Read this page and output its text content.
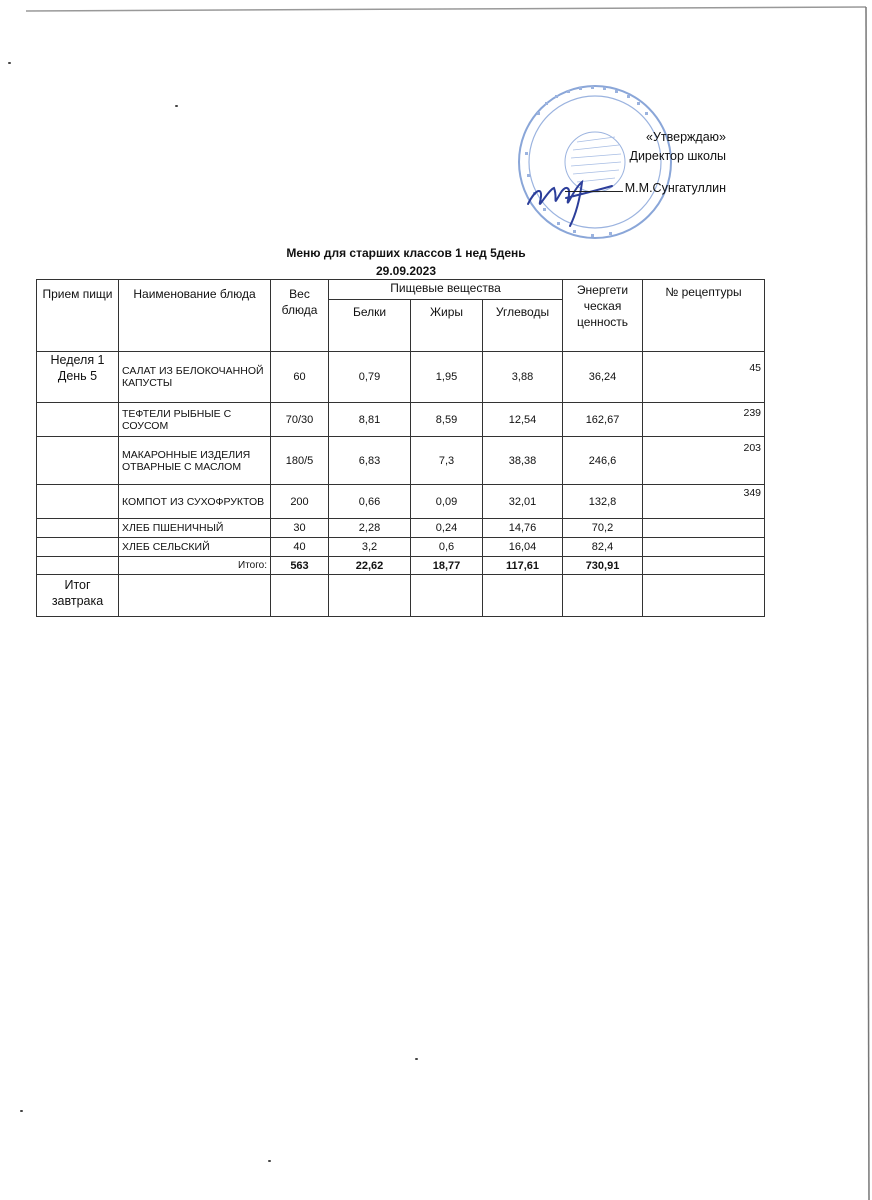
«Утверждаю»
Директор школы
М.М.Сунгатуллин
Меню для старших классов 1 нед 5день
29.09.2023
Прием пищи	Наименование блюда	Вес блюда	Пищевые вещества			Энергети ческая ценность	№ рецептуры
			Белки	Жиры	Углеводы		
Неделя 1 День 5	САЛАТ ИЗ БЕЛОКОЧАННОЙ КАПУСТЫ	60	0,79	1,95	3,88	36,24	45
	ТЕФТЕЛИ РЫБНЫЕ С СОУСОМ	70/30	8,81	8,59	12,54	162,67	239
	МАКАРОННЫЕ ИЗДЕЛИЯ ОТВАРНЫЕ С МАСЛОМ	180/5	6,83	7,3	38,38	246,6	203
	КОМПОТ ИЗ СУХОФРУКТОВ	200	0,66	0,09	32,01	132,8	349
	ХЛЕБ ПШЕНИЧНЫЙ	30	2,28	0,24	14,76	70,2	
	ХЛЕБ СЕЛЬСКИЙ	40	3,2	0,6	16,04	82,4	
	Итого:	563	22,62	18,77	117,61	730,91	
Итог завтрака							
